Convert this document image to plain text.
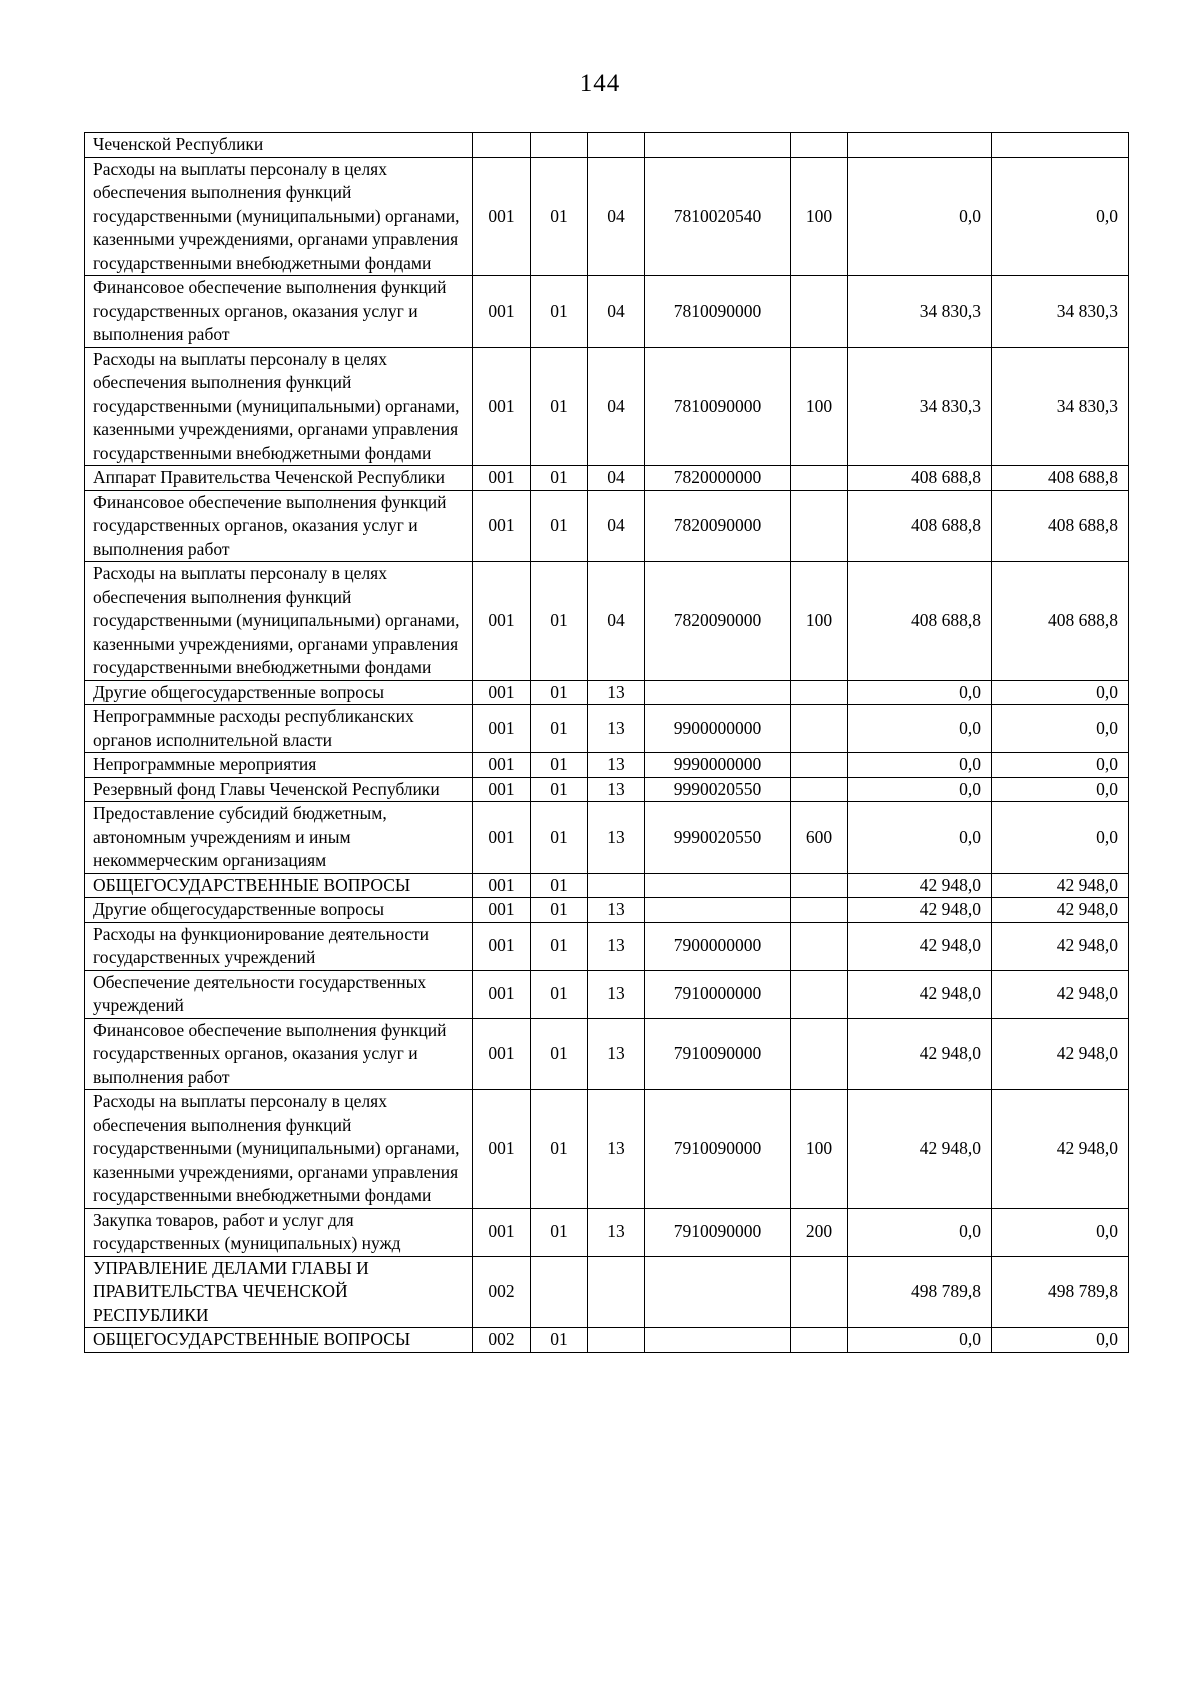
144
Чеченской Республики							
Расходы на выплаты персоналу в целях обеспечения выполнения функций государственными (муниципальными) органами, казенными учреждениями, органами управления государственными внебюджетными фондами	001	01	04	7810020540	100	0,0	0,0
Финансовое обеспечение выполнения функций государственных органов, оказания услуг и выполнения работ	001	01	04	7810090000		34 830,3	34 830,3
Расходы на выплаты персоналу в целях обеспечения выполнения функций государственными (муниципальными) органами, казенными учреждениями, органами управления государственными внебюджетными фондами	001	01	04	7810090000	100	34 830,3	34 830,3
Аппарат Правительства Чеченской Республики	001	01	04	7820000000		408 688,8	408 688,8
Финансовое обеспечение выполнения функций государственных органов, оказания услуг и выполнения работ	001	01	04	7820090000		408 688,8	408 688,8
Расходы на выплаты персоналу в целях обеспечения выполнения функций государственными (муниципальными) органами, казенными учреждениями, органами управления государственными внебюджетными фондами	001	01	04	7820090000	100	408 688,8	408 688,8
Другие общегосударственные вопросы	001	01	13			0,0	0,0
Непрограммные расходы республиканских органов исполнительной власти	001	01	13	9900000000		0,0	0,0
Непрограммные мероприятия	001	01	13	9990000000		0,0	0,0
Резервный фонд Главы Чеченской Республики	001	01	13	9990020550		0,0	0,0
Предоставление субсидий бюджетным, автономным учреждениям и иным некоммерческим организациям	001	01	13	9990020550	600	0,0	0,0
ОБЩЕГОСУДАРСТВЕННЫЕ ВОПРОСЫ	001	01				42 948,0	42 948,0
Другие общегосударственные вопросы	001	01	13			42 948,0	42 948,0
Расходы на функционирование деятельности государственных учреждений	001	01	13	7900000000		42 948,0	42 948,0
Обеспечение деятельности государственных учреждений	001	01	13	7910000000		42 948,0	42 948,0
Финансовое обеспечение выполнения функций государственных органов, оказания услуг и выполнения работ	001	01	13	7910090000		42 948,0	42 948,0
Расходы на выплаты персоналу в целях обеспечения выполнения функций государственными (муниципальными) органами, казенными учреждениями, органами управления государственными внебюджетными фондами	001	01	13	7910090000	100	42 948,0	42 948,0
Закупка товаров, работ и услуг для государственных (муниципальных) нужд	001	01	13	7910090000	200	0,0	0,0
УПРАВЛЕНИЕ ДЕЛАМИ ГЛАВЫ И ПРАВИТЕЛЬСТВА ЧЕЧЕНСКОЙ РЕСПУБЛИКИ	002					498 789,8	498 789,8
ОБЩЕГОСУДАРСТВЕННЫЕ ВОПРОСЫ	002	01				0,0	0,0
